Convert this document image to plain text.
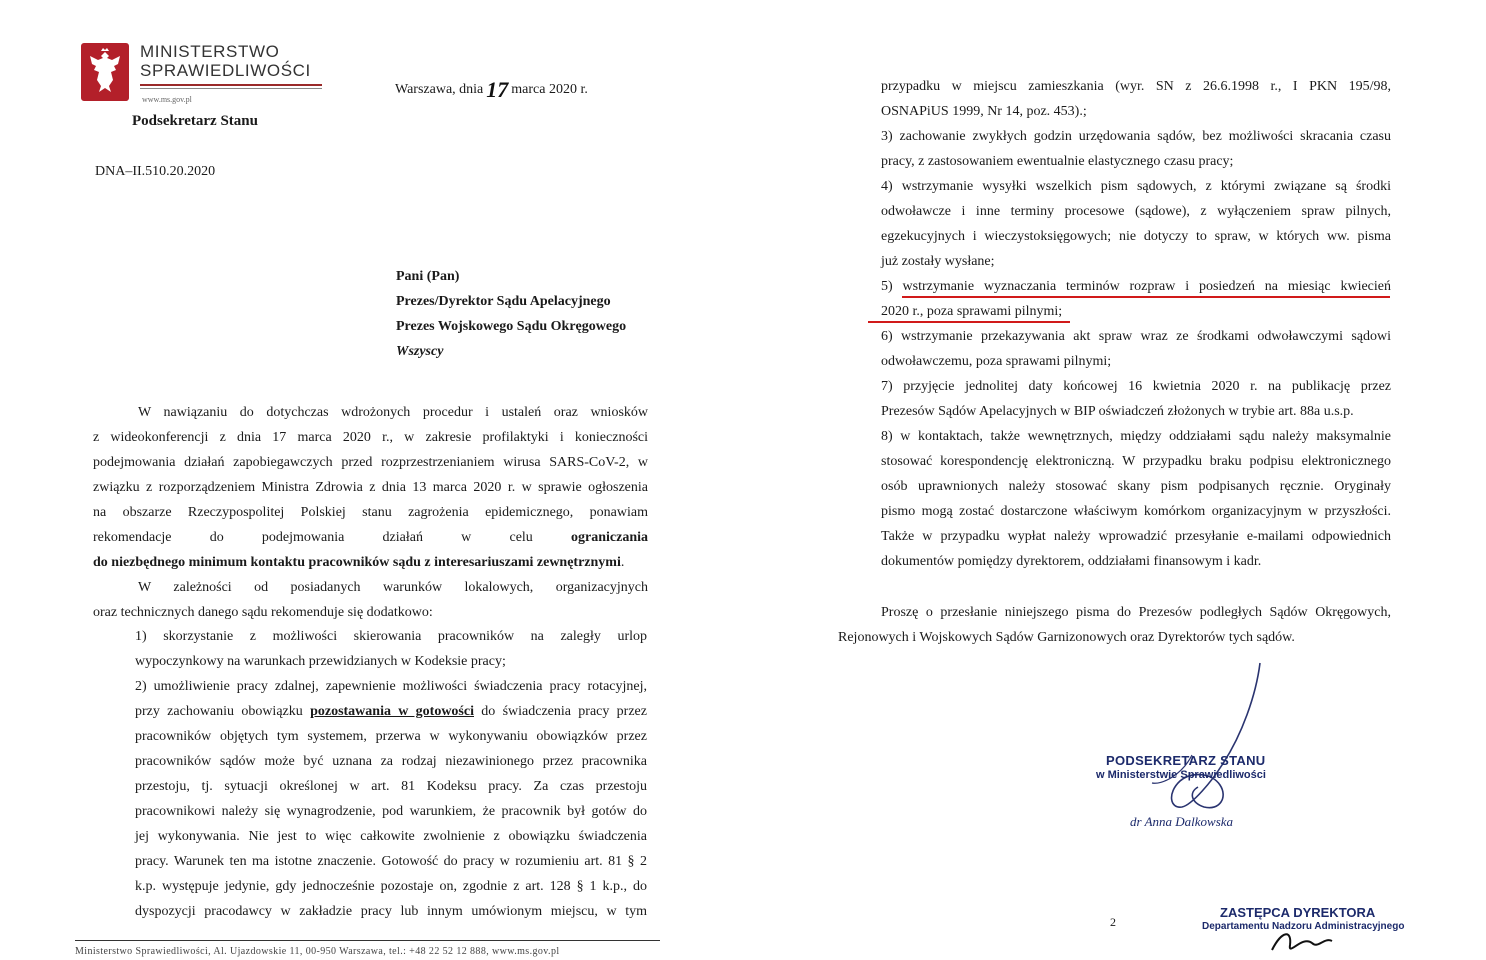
MINISTERSTWO
SPRAWIEDLIWOŚCI
www.ms.gov.pl
Podsekretarz Stanu
Warszawa, dnia 17 marca 2020 r.
DNA–II.510.20.2020
Pani (Pan)
Prezes/Dyrektor Sądu Apelacyjnego
Prezes Wojskowego Sądu Okręgowego
Wszyscy
W nawiązaniu do dotychczas wdrożonych procedur i ustaleń oraz wniosków
z wideokonferencji z dnia 17 marca 2020 r., w zakresie profilaktyki i konieczności
podejmowania działań zapobiegawczych przed rozprzestrzenianiem wirusa SARS-CoV-2, w
związku z rozporządzeniem Ministra Zdrowia z dnia 13 marca 2020 r. w sprawie ogłoszenia
na obszarze Rzeczypospolitej Polskiej stanu zagrożenia epidemicznego, ponawiam
rekomendacje do podejmowania działań w celu ograniczania
do niezbędnego minimum kontaktu pracowników sądu z interesariuszami zewnętrznymi.
W zależności od posiadanych warunków lokalowych, organizacyjnych
oraz technicznych danego sądu rekomenduje się dodatkowo:
1) skorzystanie z możliwości skierowania pracowników na zaległy urlop
wypoczynkowy na warunkach przewidzianych w Kodeksie pracy;
2) umożliwienie pracy zdalnej, zapewnienie możliwości świadczenia pracy rotacyjnej,
przy zachowaniu obowiązku pozostawania w gotowości do świadczenia pracy przez
pracowników objętych tym systemem, przerwa w wykonywaniu obowiązków przez
pracowników sądów może być uznana za rodzaj niezawinionego przez pracownika
przestoju, tj. sytuacji określonej w art. 81 Kodeksu pracy. Za czas przestoju
pracownikowi należy się wynagrodzenie, pod warunkiem, że pracownik był gotów do
jej wykonywania. Nie jest to więc całkowite zwolnienie z obowiązku świadczenia
pracy. Warunek ten ma istotne znaczenie. Gotowość do pracy w rozumieniu art. 81 § 2
k.p. występuje jedynie, gdy jednocześnie pozostaje on, zgodnie z art. 128 § 1 k.p., do
dyspozycji pracodawcy w zakładzie pracy lub innym umówionym miejscu, w tym
Ministerstwo Sprawiedliwości, Al. Ujazdowskie 11, 00-950 Warszawa, tel.: +48 22 52 12 888, www.ms.gov.pl
przypadku w miejscu zamieszkania (wyr. SN z 26.6.1998 r., I PKN 195/98,
OSNAPiUS 1999, Nr 14, poz. 453).;
3) zachowanie zwykłych godzin urzędowania sądów, bez możliwości skracania czasu
pracy, z zastosowaniem ewentualnie elastycznego czasu pracy;
4) wstrzymanie wysyłki wszelkich pism sądowych, z którymi związane są środki
odwoławcze i inne terminy procesowe (sądowe), z wyłączeniem spraw pilnych,
egzekucyjnych i wieczystoksięgowych; nie dotyczy to spraw, w których ww. pisma
już zostały wysłane;
5) wstrzymanie wyznaczania terminów rozpraw i posiedzeń na miesiąc kwiecień
2020 r., poza sprawami pilnymi;
6) wstrzymanie przekazywania akt spraw wraz ze środkami odwoławczymi sądowi
odwoławczemu, poza sprawami pilnymi;
7) przyjęcie jednolitej daty końcowej 16 kwietnia 2020 r. na publikację przez
Prezesów Sądów Apelacyjnych w BIP oświadczeń złożonych w trybie art. 88a u.s.p.
8) w kontaktach, także wewnętrznych, między oddziałami sądu należy maksymalnie
stosować korespondencję elektroniczną. W przypadku braku podpisu elektronicznego
osób uprawnionych należy stosować skany pism podpisanych ręcznie. Oryginały
pismo mogą zostać dostarczone właściwym komórkom organizacyjnym w przyszłości.
Także w przypadku wypłat należy wprowadzić przesyłanie e-mailami odpowiednich
dokumentów pomiędzy dyrektorem, oddziałami finansowym i kadr.
Proszę o przesłanie niniejszego pisma do Prezesów podległych Sądów Okręgowych,
Rejonowych i Wojskowych Sądów Garnizonowych oraz Dyrektorów tych sądów.
PODSEKRETARZ STANU
w Ministerstwie Sprawiedliwości
dr Anna Dalkowska
2
ZASTĘPCA DYREKTORA
Departamentu Nadzoru Administracyjnego
